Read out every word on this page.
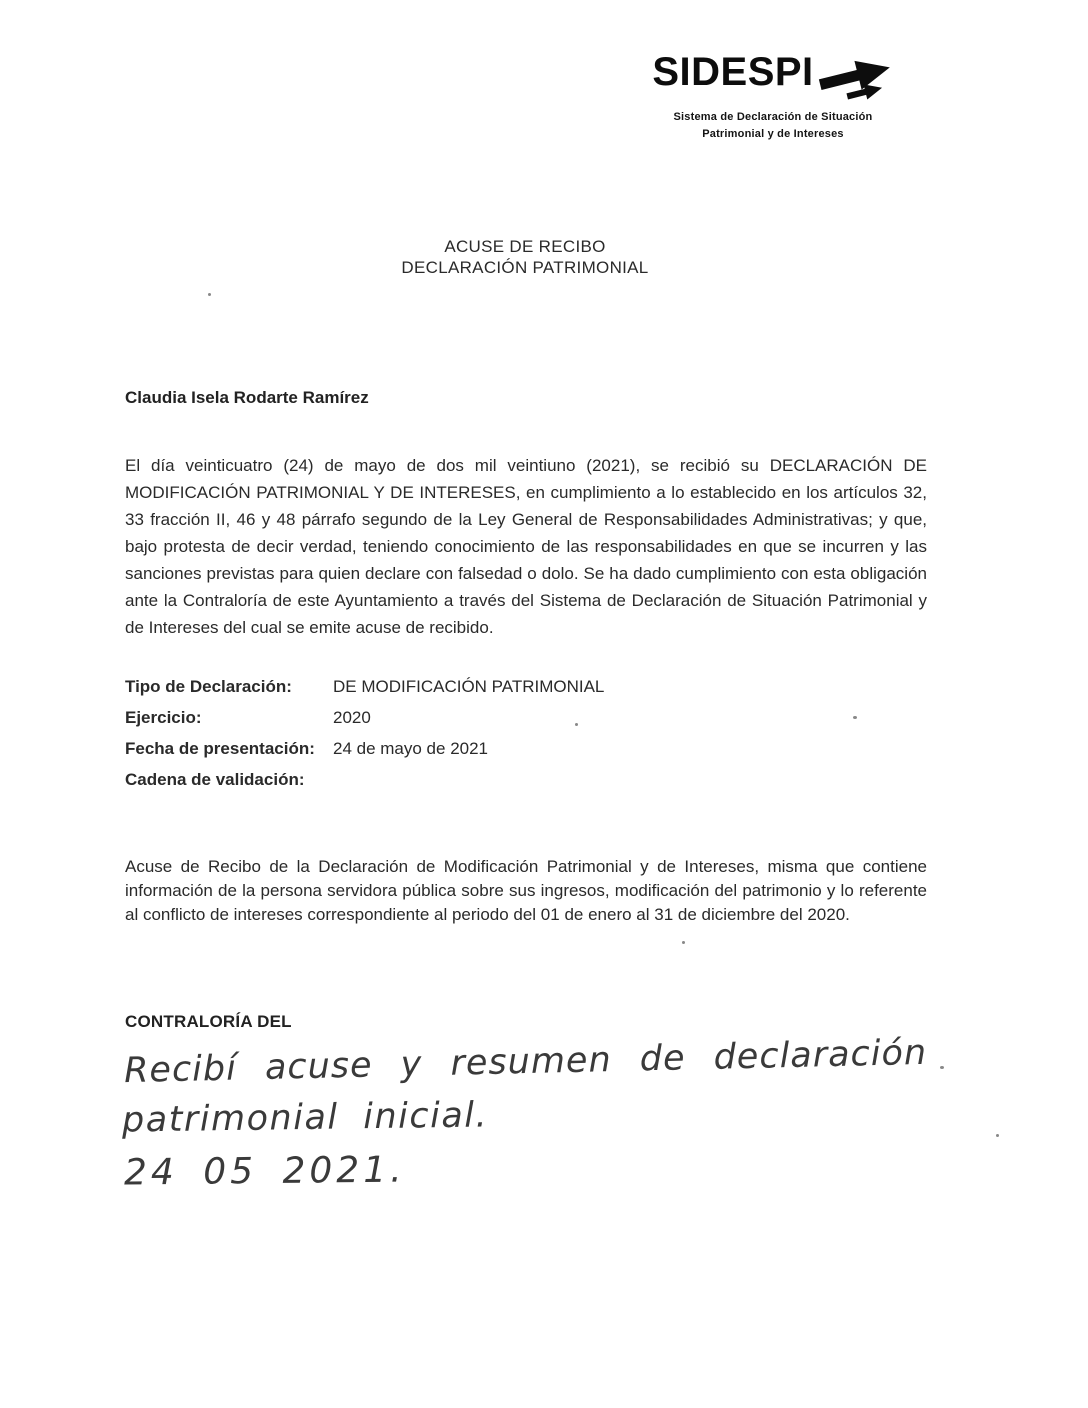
SIDESPI
Sistema de Declaración de Situación
Patrimonial y de Intereses
ACUSE DE RECIBO
DECLARACIÓN PATRIMONIAL
Claudia Isela Rodarte Ramírez
El día veinticuatro (24) de mayo de dos mil veintiuno (2021), se recibió su DECLARACIÓN DE MODIFICACIÓN PATRIMONIAL Y DE INTERESES, en cumplimiento a lo establecido en los artículos 32, 33 fracción II, 46 y 48 párrafo segundo de la Ley General de Responsabilidades Administrativas; y que, bajo protesta de decir verdad, teniendo conocimiento de las responsabilidades en que se incurren y las sanciones previstas para quien declare con falsedad o dolo. Se ha dado cumplimiento con esta obligación ante la Contraloría de este Ayuntamiento a través del Sistema de Declaración de Situación Patrimonial y de Intereses del cual se emite acuse de recibido.
Tipo de Declaración:	DE MODIFICACIÓN PATRIMONIAL
Ejercicio:	2020
Fecha de presentación:	24 de mayo de 2021
Cadena de validación:
Acuse de Recibo de la Declaración de Modificación Patrimonial y de Intereses, misma que contiene información de la persona servidora pública sobre sus ingresos, modificación del patrimonio y lo referente al conflicto de intereses correspondiente al periodo del 01 de enero al 31 de diciembre del 2020.
CONTRALORÍA DEL
Recibí acuse y resumen de declaración
patrimonial inicial.
24 05 2021.
